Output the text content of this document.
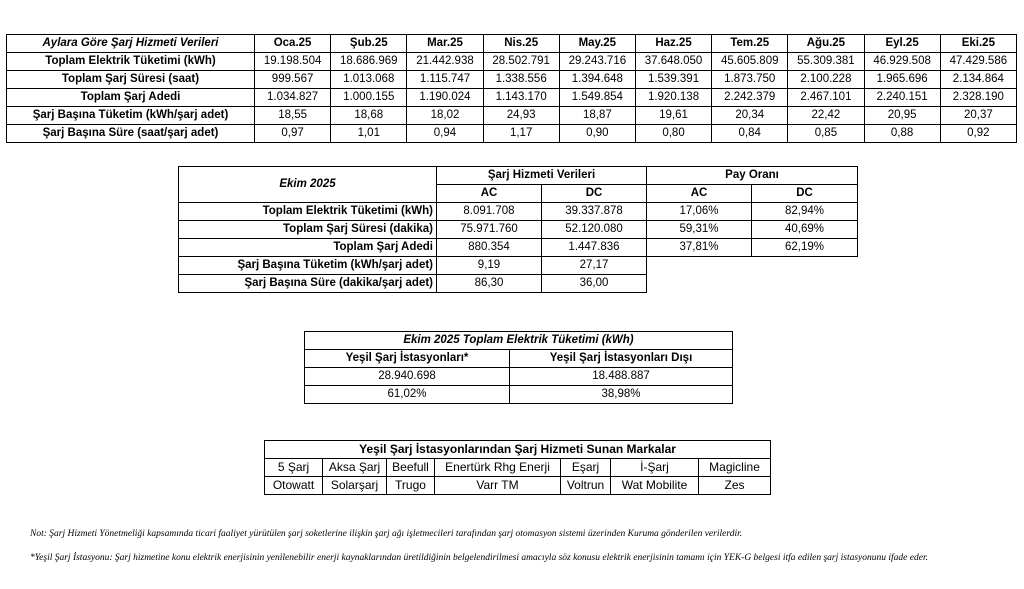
Aylara Göre Şarj Hizmeti Verileri	Oca.25	Şub.25	Mar.25	Nis.25	May.25	Haz.25	Tem.25	Ağu.25	Eyl.25	Eki.25
Toplam Elektrik Tüketimi (kWh)	19.198.504	18.686.969	21.442.938	28.502.791	29.243.716	37.648.050	45.605.809	55.309.381	46.929.508	47.429.586
Toplam Şarj Süresi (saat)	999.567	1.013.068	1.115.747	1.338.556	1.394.648	1.539.391	1.873.750	2.100.228	1.965.696	2.134.864
Toplam Şarj Adedi	1.034.827	1.000.155	1.190.024	1.143.170	1.549.854	1.920.138	2.242.379	2.467.101	2.240.151	2.328.190
Şarj Başına Tüketim (kWh/şarj adet)	18,55	18,68	18,02	24,93	18,87	19,61	20,34	22,42	20,95	20,37
Şarj Başına Süre (saat/şarj adet)	0,97	1,01	0,94	1,17	0,90	0,80	0,84	0,85	0,88	0,92
Ekim 2025	Şarj Hizmeti Verileri		Pay Oranı	
	AC	DC	AC	DC
Toplam Elektrik Tüketimi (kWh)	8.091.708	39.337.878	17,06%	82,94%
Toplam Şarj Süresi (dakika)	75.971.760	52.120.080	59,31%	40,69%
Toplam Şarj Adedi	880.354	1.447.836	37,81%	62,19%
Şarj Başına Tüketim (kWh/şarj adet)	9,19	27,17		
Şarj Başına Süre (dakika/şarj adet)	86,30	36,00		
Ekim 2025 Toplam Elektrik Tüketimi (kWh)	
Yeşil Şarj İstasyonları*	Yeşil Şarj İstasyonları Dışı
28.940.698	18.488.887
61,02%	38,98%
Yeşil Şarj İstasyonlarından Şarj Hizmeti Sunan Markalar						
5 Şarj	Aksa Şarj	Beefull	Enertürk Rhg Enerji	Eşarj	İ-Şarj	Magicline
Otowatt	Solarşarj	Trugo	Varr TM	Voltrun	Wat Mobilite	Zes
Not: Şarj Hizmeti Yönetmeliği kapsamında ticari faaliyet yürütülen şarj soketlerine ilişkin şarj ağı işletmecileri tarafından şarj otomasyon sistemi üzerinden Kuruma gönderilen verilerdir.
*Yeşil Şarj İstasyonu: Şarj hizmetine konu elektrik enerjisinin yenilenebilir enerji kaynaklarından üretildiğinin belgelendirilmesi amacıyla söz konusu elektrik enerjisinin tamamı için YEK-G belgesi itfa edilen şarj istasyonunu ifade eder.
